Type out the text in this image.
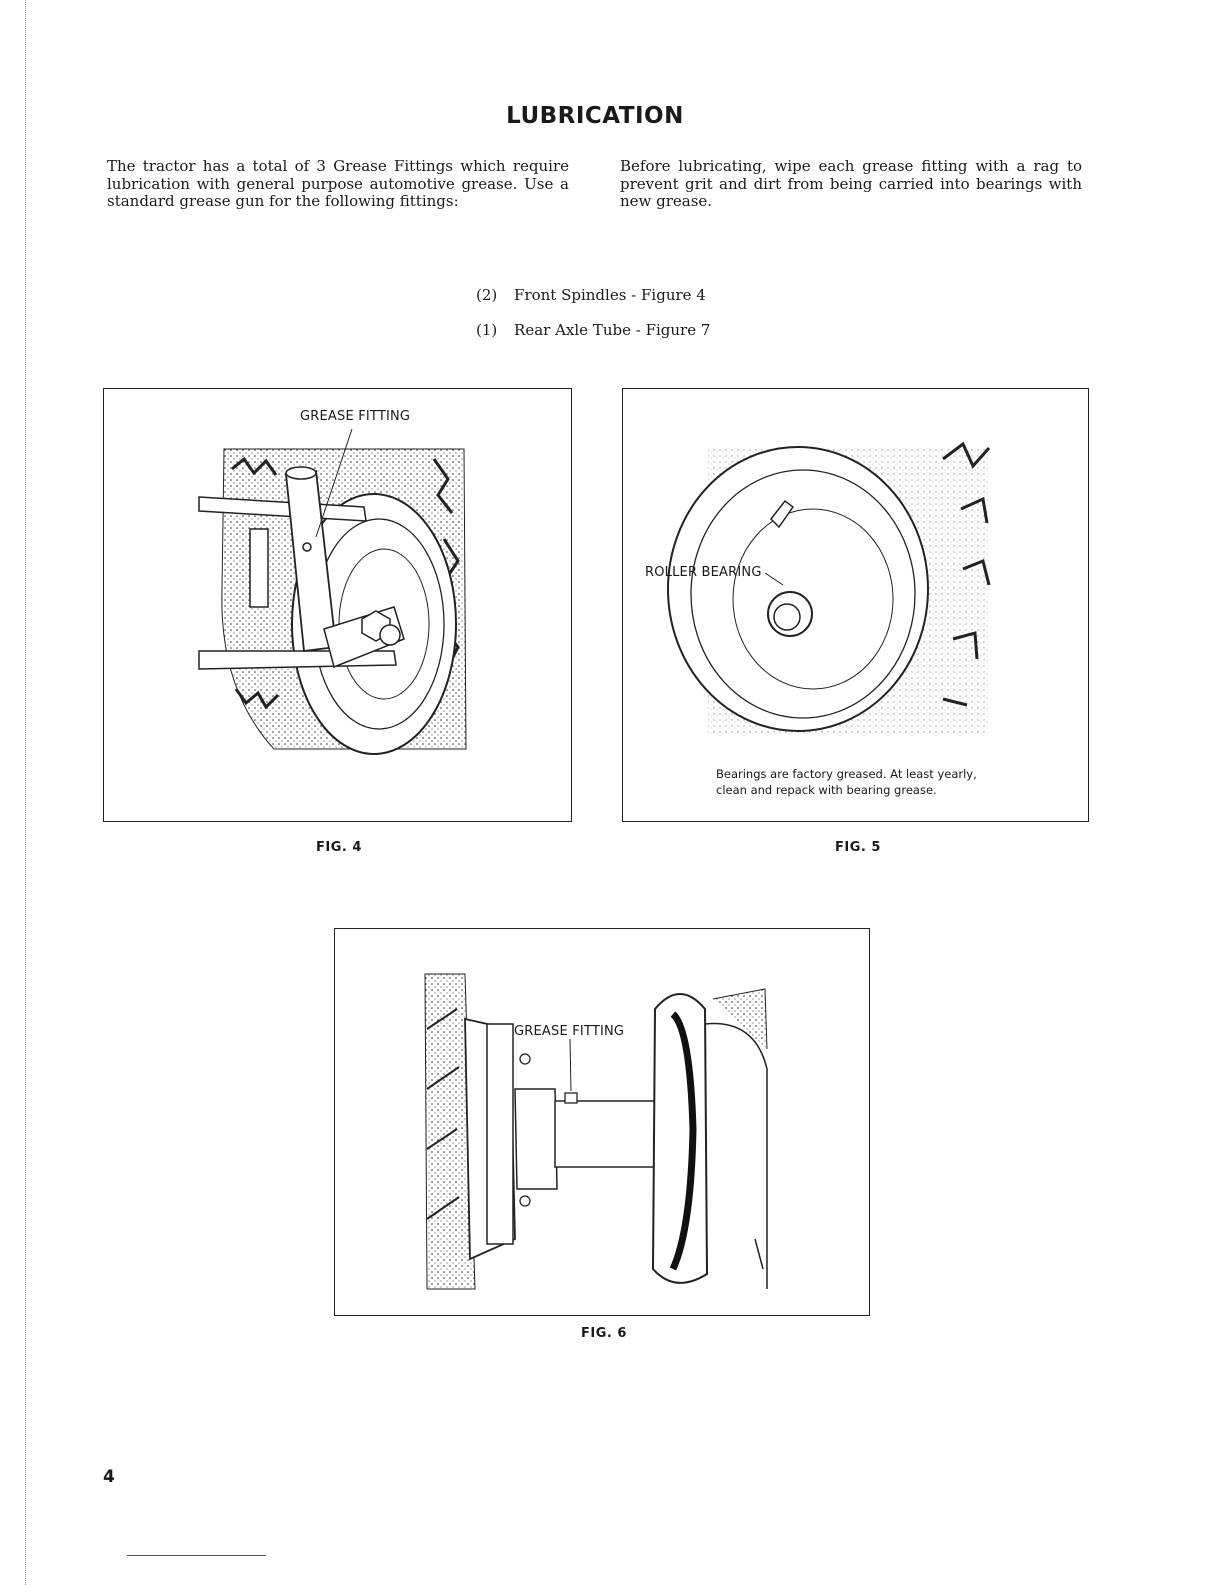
LUBRICATION
The tractor has a total of 3 Grease Fittings which require lubrication with general purpose automotive grease. Use a standard grease gun for the following fittings:
Before lubricating, wipe each grease fitting with a rag to prevent grit and dirt from being carried into bearings with new grease.
(2) Front Spindles - Figure 4
(1) Rear Axle Tube - Figure 7
GREASE FITTING
FIG. 4
ROLLER BEARING
Bearings are factory greased. At least yearly,
clean and repack with bearing grease.
FIG. 5
GREASE FITTING
FIG. 6
4
